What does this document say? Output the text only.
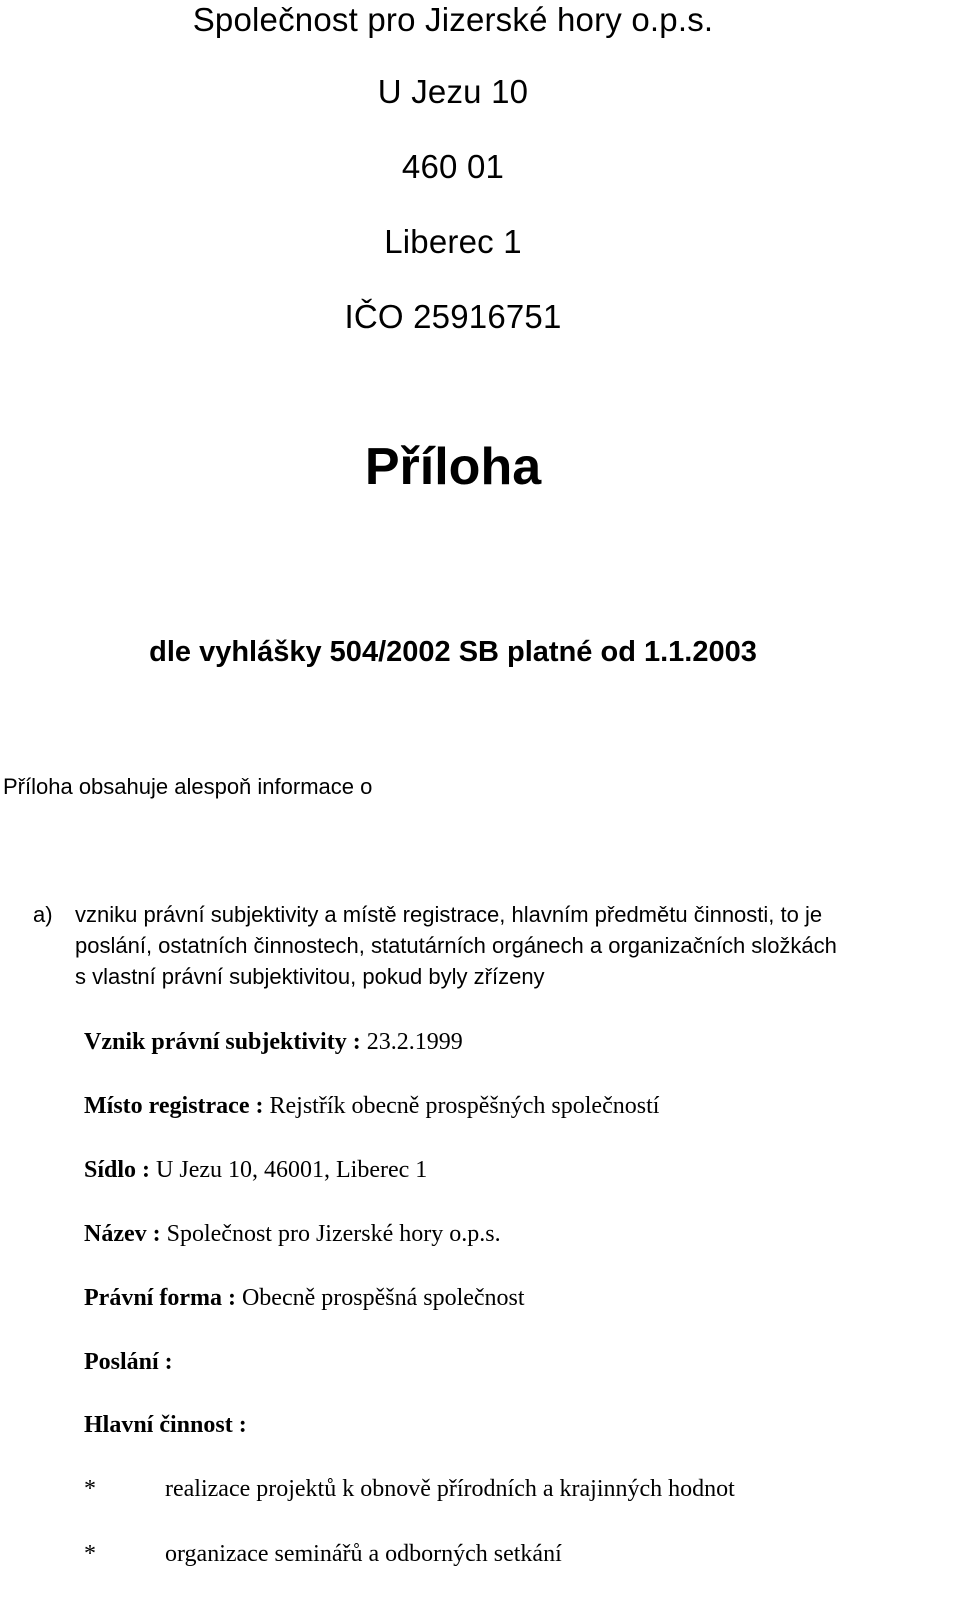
Společnost pro Jizerské hory o.p.s.
U Jezu 10
460 01
Liberec 1
IČO 25916751
Příloha
dle vyhlášky 504/2002 SB platné od 1.1.2003
Příloha obsahuje alespoň informace o
a) vzniku právní subjektivity a místě registrace, hlavním předmětu činnosti, to je
poslání, ostatních činnostech, statutárních orgánech a organizačních složkách
s vlastní právní subjektivitou, pokud byly zřízeny
Vznik právní subjektivity : 23.2.1999
Místo registrace : Rejstřík obecně prospěšných společností
Sídlo : U Jezu 10, 46001, Liberec 1
Název : Společnost pro Jizerské hory o.p.s.
Právní forma : Obecně prospěšná společnost
Poslání :
Hlavní činnost :
*	realizace projektů k obnově přírodních a krajinných hodnot
*	organizace seminářů a odborných setkání
